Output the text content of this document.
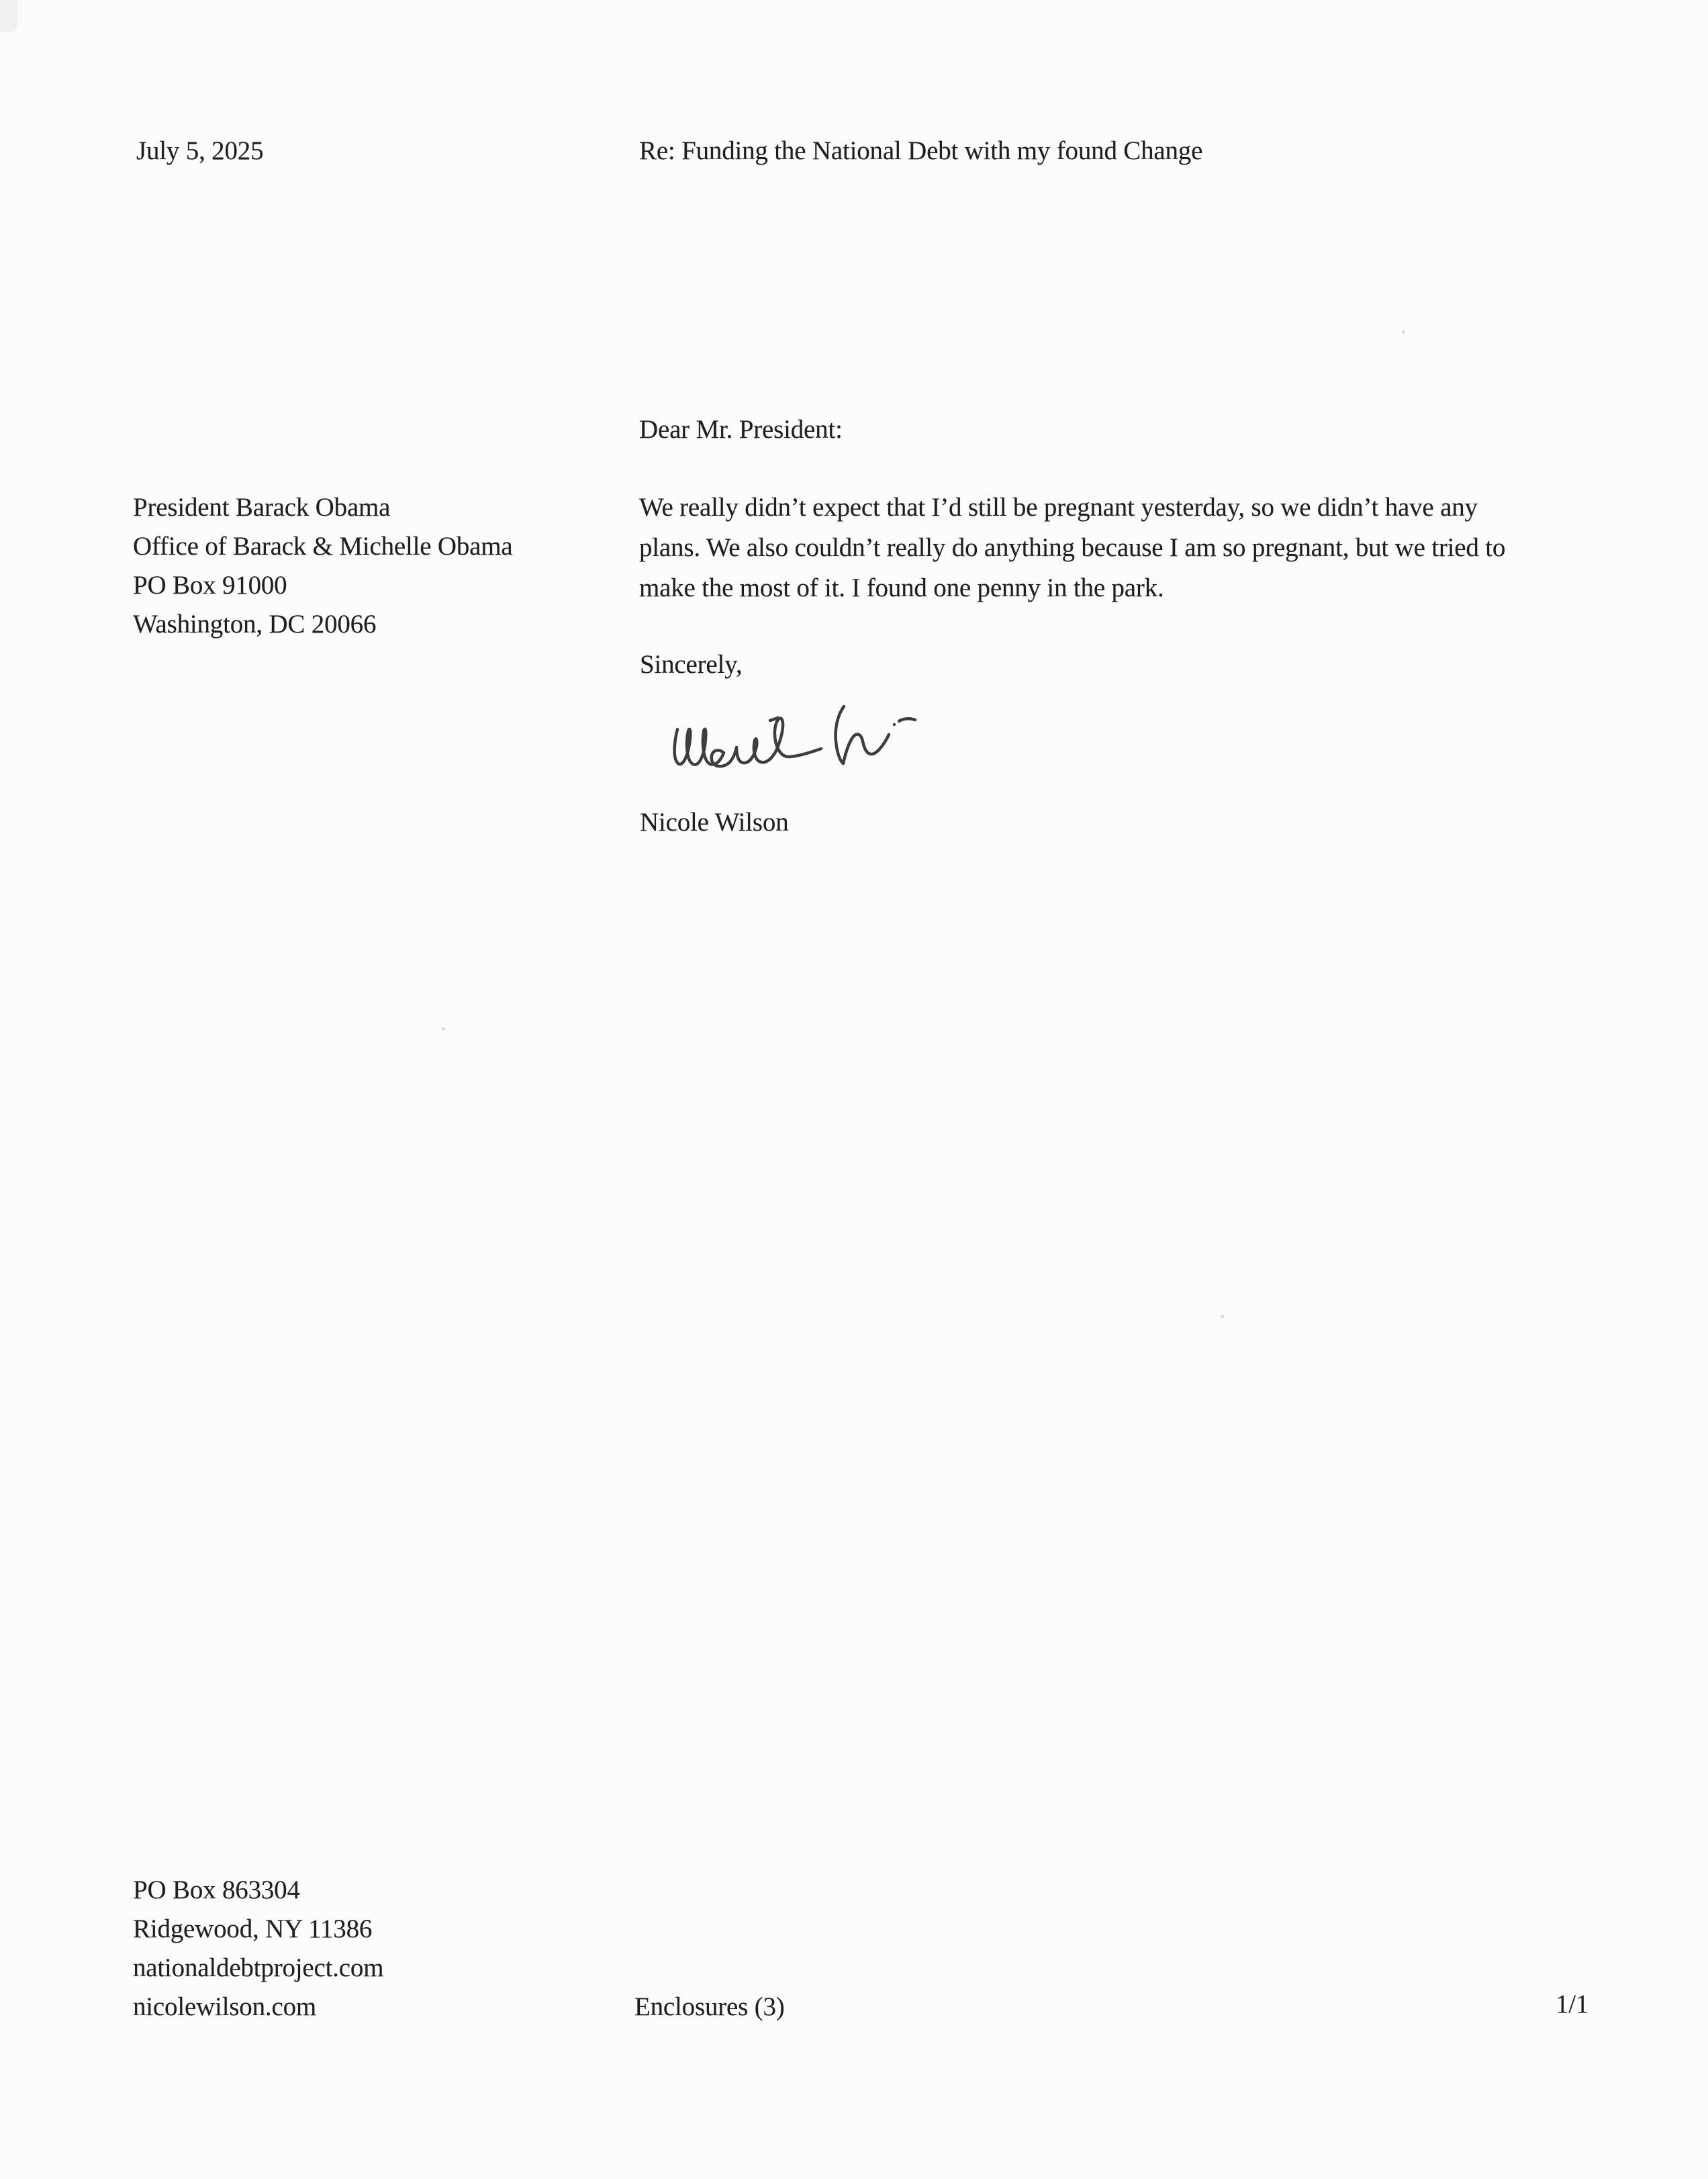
July 5, 2025	Re: Funding the National Debt with my found Change
Dear Mr. President:
President Barack Obama
Office of Barack & Michelle Obama
PO Box 91000
Washington, DC 20066
We really didn’t expect that I’d still be pregnant yesterday, so we didn’t have any
plans. We also couldn’t really do anything because I am so pregnant, but we tried to
make the most of it. I found one penny in the park.
Sincerely,
Nicole Wilson
PO Box 863304
Ridgewood, NY 11386
nationaldebtproject.com
nicolewilson.com	Enclosures (3)	1/1
